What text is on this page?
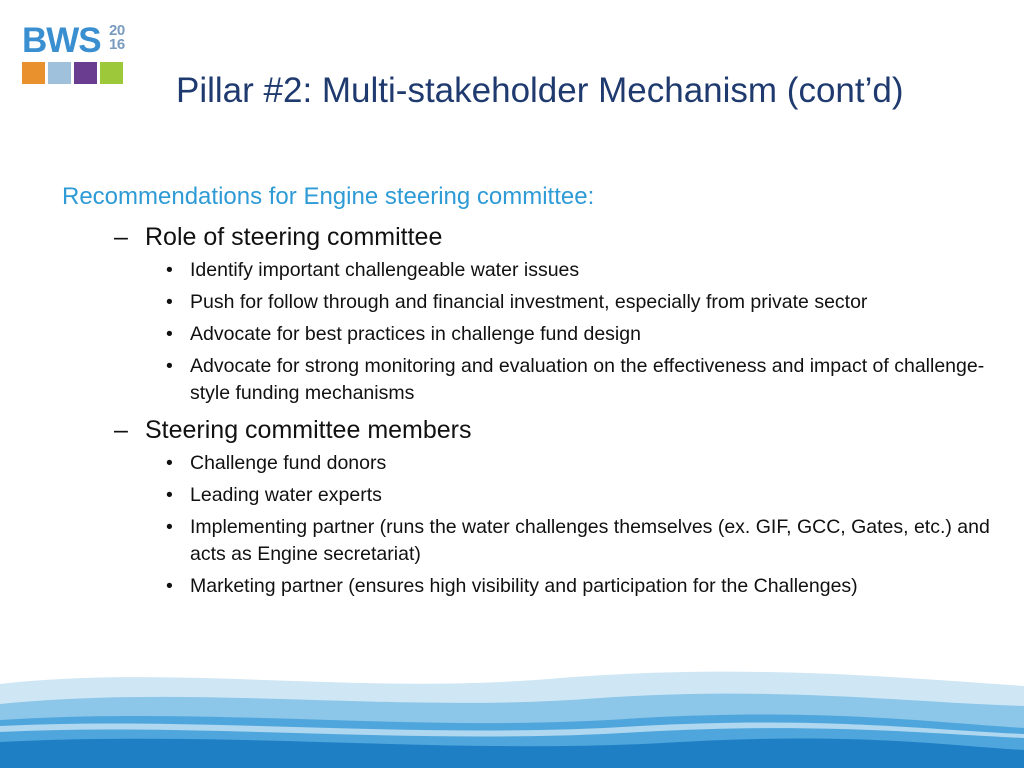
BWS 20
16
Pillar #2: Multi-stakeholder Mechanism (cont’d)

Recommendations for Engine steering committee:

– Role of steering committee

• Identify important challengeable water issues

• Push for follow through and financial investment, especially from private sector

• Advocate for best practices in challenge fund design

• Advocate for strong monitoring and evaluation on the effectiveness and impact of challenge-style funding mechanisms

– Steering committee members

• Challenge fund donors

• Leading water experts

• Implementing partner (runs the water challenges themselves (ex. GIF, GCC, Gates, etc.) and acts as Engine secretariat)

• Marketing partner (ensures high visibility and participation for the Challenges)
